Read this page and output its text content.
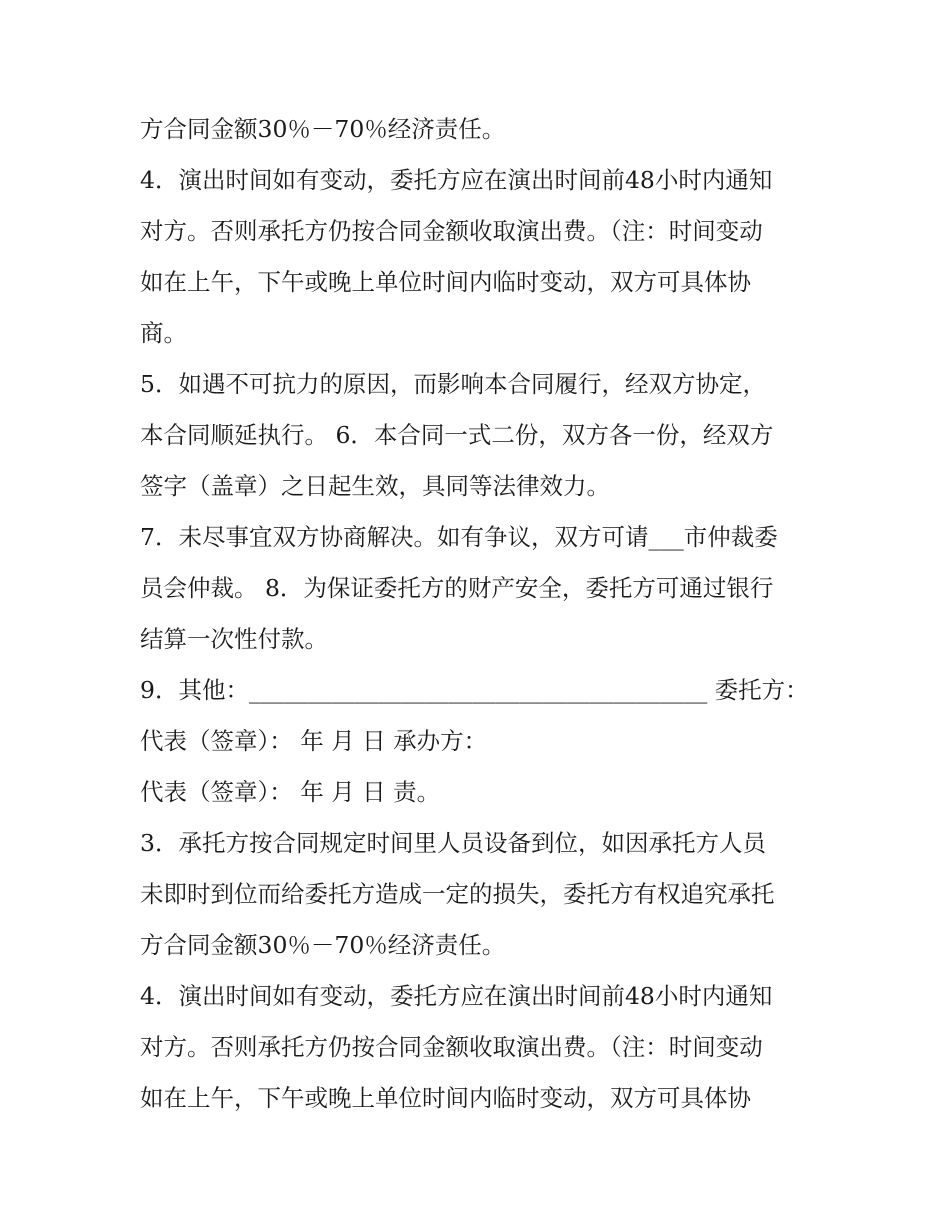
方合同金额30％－70％经济责任。
4．演出时间如有变动，委托方应在演出时间前48小时内通知
对方。否则承托方仍按合同金额收取演出费。（注：时间变动
如在上午，下午或晚上单位时间内临时变动，双方可具体协
商。
5．如遇不可抗力的原因，而影响本合同履行，经双方协定，
本合同顺延执行。 6．本合同一式二份，双方各一份，经双方
签字（盖章）之日起生效，具同等法律效力。
7．未尽事宜双方协商解决。如有争议，双方可请___市仲裁委
员会仲裁。 8．为保证委托方的财产安全，委托方可通过银行
结算一次性付款。
9．其他：_______________________________________ 委托方：
代表（签章）： 年 月 日 承办方：
代表（签章）： 年 月 日 责。
3．承托方按合同规定时间里人员设备到位，如因承托方人员
未即时到位而给委托方造成一定的损失，委托方有权追究承托
方合同金额30％－70％经济责任。
4．演出时间如有变动，委托方应在演出时间前48小时内通知
对方。否则承托方仍按合同金额收取演出费。（注：时间变动
如在上午，下午或晚上单位时间内临时变动，双方可具体协
